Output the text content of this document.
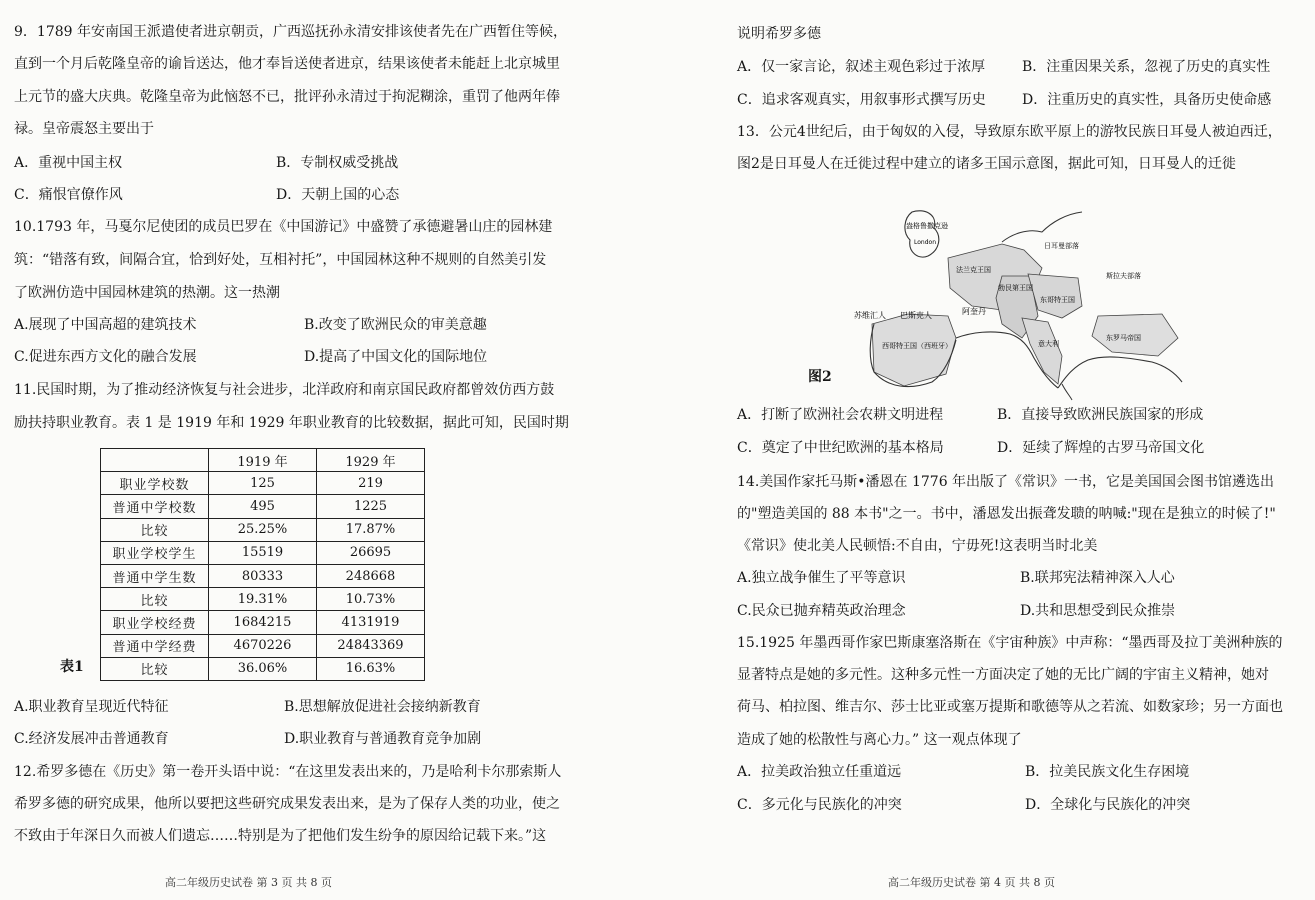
9．1789 年安南国王派遣使者进京朝贡，广西巡抚孙永清安排该使者先在广西暂住等候，
直到一个月后乾隆皇帝的谕旨送达，他才奉旨送使者进京，结果该使者未能赶上北京城里
上元节的盛大庆典。乾隆皇帝为此恼怒不已，批评孙永清过于拘泥糊涂，重罚了他两年俸
禄。皇帝震怒主要出于
A．重视中国主权	B．专制权威受挑战
C．痛恨官僚作风	D．天朝上国的心态
10.1793 年，马戛尔尼使团的成员巴罗在《中国游记》中盛赞了承德避暑山庄的园林建
筑：“错落有致，间隔合宜，恰到好处，互相衬托”，中国园林这种不规则的自然美引发
了欧洲仿造中国园林建筑的热潮。这一热潮
A.展现了中国高超的建筑技术	B.改变了欧洲民众的审美意趣
C.促进东西方文化的融合发展	D.提高了中国文化的国际地位
11.民国时期，为了推动经济恢复与社会进步，北洋政府和南京国民政府都曾效仿西方鼓
励扶持职业教育。表 1 是 1919 年和 1929 年职业教育的比较数据，据此可知，民国时期
	1919 年	1929 年
职业学校数	125	219
普通中学校数	495	1225
比较	25.25%	17.87%
职业学校学生	15519	26695
普通中学生数	80333	248668
比较	19.31%	10.73%
职业学校经费	1684215	4131919
普通中学经费	4670226	24843369
比较	36.06%	16.63%
表1
A.职业教育呈现近代特征	B.思想解放促进社会接纳新教育
C.经济发展冲击普通教育	D.职业教育与普通教育竞争加剧
12.希罗多德在《历史》第一卷开头语中说：“在这里发表出来的，乃是哈利卡尔那索斯人
希罗多德的研究成果，他所以要把这些研究成果发表出来，是为了保存人类的功业，使之
不致由于年深日久而被人们遗忘……特别是为了把他们发生纷争的原因给记载下来。”这
高二年级历史试卷 第 3 页 共 8 页
说明希罗多德
A．仅一家言论，叙述主观色彩过于浓厚	B．注重因果关系，忽视了历史的真实性
C．追求客观真实，用叙事形式撰写历史	D．注重历史的真实性，具备历史使命感
13．公元4世纪后，由于匈奴的入侵，导致原东欧平原上的游牧民族日耳曼人被迫西迁，
图2是日耳曼人在迁徙过程中建立的诸多王国示意图，据此可知，日耳曼人的迁徙
A．打断了欧洲社会农耕文明进程	B．直接导致欧洲民族国家的形成
C．奠定了中世纪欧洲的基本格局	D．延续了辉煌的古罗马帝国文化
14.美国作家托马斯•潘恩在 1776 年出版了《常识》一书，它是美国国会图书馆遴选出
的"塑造美国的 88 本书"之一。书中，潘恩发出振聋发聩的呐喊:"现在是独立的时候了!"
《常识》使北美人民顿悟:不自由，宁毋死!这表明当时北美
A.独立战争催生了平等意识	B.联邦宪法精神深入人心
C.民众已抛弃精英政治理念	D.共和思想受到民众推崇
15.1925 年墨西哥作家巴斯康塞洛斯在《宇宙种族》中声称：“墨西哥及拉丁美洲种族的
显著特点是她的多元性。这种多元性一方面决定了她的无比广阔的宇宙主义精神，她对
荷马、柏拉图、维吉尔、莎士比亚或塞万提斯和歌德等从之若流、如数家珍；另一方面也
造成了她的松散性与离心力。” 这一观点体现了
A．拉美政治独立任重道远	B．拉美民族文化生存困境
C．多元化与民族化的冲突	D．全球化与民族化的冲突
盎格鲁撒克逊
London	日耳曼部落
法兰克王国
斯拉夫部落
勃艮第王国
东哥特王国
苏维汇人 巴斯克人	阿奎丹
西哥特王国（西班牙）	意大利
东罗马帝国
图2
高二年级历史试卷 第 4 页 共 8 页
